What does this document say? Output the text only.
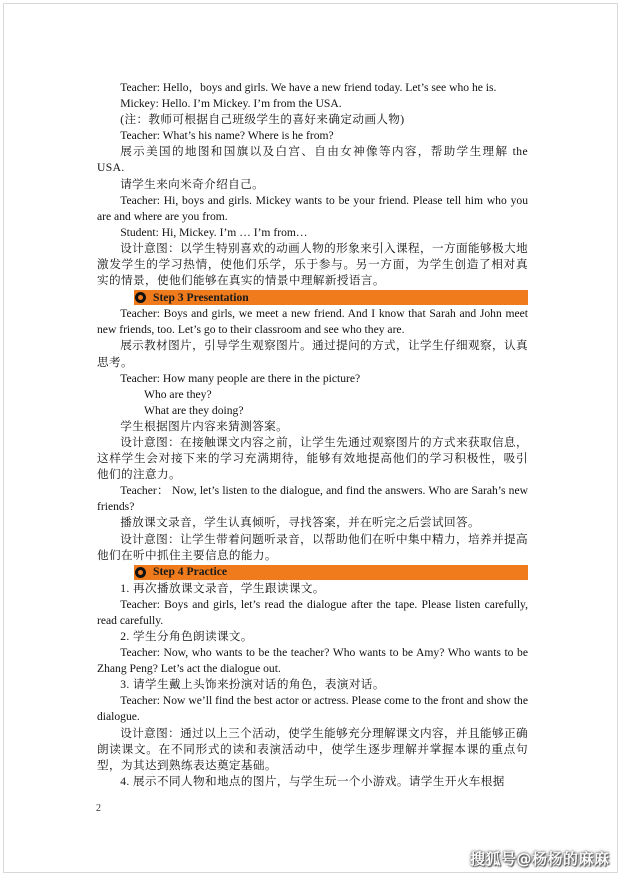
Teacher: Hello，boys and girls. We have a new friend today. Let’s see who he is.

Mickey: Hello. I’m Mickey. I’m from the USA.

(注：教师可根据自己班级学生的喜好来确定动画人物)

Teacher: What’s his name? Where is he from?

展示美国的地图和国旗以及白宫、自由女神像等内容，帮助学生理解 the USA.

请学生来向米奇介绍自己。

Teacher: Hi, boys and girls. Mickey wants to be your friend. Please tell him who you are and where are you from.

Student: Hi, Mickey. I’m … I’m from…

设计意图：以学生特别喜欢的动画人物的形象来引入课程，一方面能够极大地激发学生的学习热情，使他们乐学，乐于参与。另一方面，为学生创造了相对真实的情景，使他们能够在真实的情景中理解新授语言。

Step 3 Presentation

Teacher: Boys and girls, we meet a new friend. And I know that Sarah and John meet new friends, too. Let’s go to their classroom and see who they are.

展示教材图片，引导学生观察图片。通过提问的方式，让学生仔细观察，认真思考。

Teacher: How many people are there in the picture?

Who are they?

What are they doing?

学生根据图片内容来猜测答案。

设计意图：在接触课文内容之前，让学生先通过观察图片的方式来获取信息，这样学生会对接下来的学习充满期待，能够有效地提高他们的学习积极性，吸引他们的注意力。

Teacher： Now, let’s listen to the dialogue, and find the answers. Who are Sarah’s new friends?

播放课文录音，学生认真倾听，寻找答案，并在听完之后尝试回答。

设计意图：让学生带着问题听录音，以帮助他们在听中集中精力，培养并提高他们在听中抓住主要信息的能力。

Step 4 Practice

1. 再次播放课文录音，学生跟读课文。

Teacher: Boys and girls, let’s read the dialogue after the tape. Please listen carefully, read carefully.

2. 学生分角色朗读课文。

Teacher: Now, who wants to be the teacher? Who wants to be Amy? Who wants to be Zhang Peng? Let’s act the dialogue out.

3. 请学生戴上头饰来扮演对话的角色，表演对话。

Teacher: Now we’ll find the best actor or actress. Please come to the front and show the dialogue.

设计意图：通过以上三个活动，使学生能够充分理解课文内容，并且能够正确朗读课文。在不同形式的读和表演活动中，使学生逐步理解并掌握本课的重点句型，为其达到熟练表达奠定基础。

4. 展示不同人物和地点的图片，与学生玩一个小游戏。请学生开火车根据

2
搜狐号@杨杨的麻麻
